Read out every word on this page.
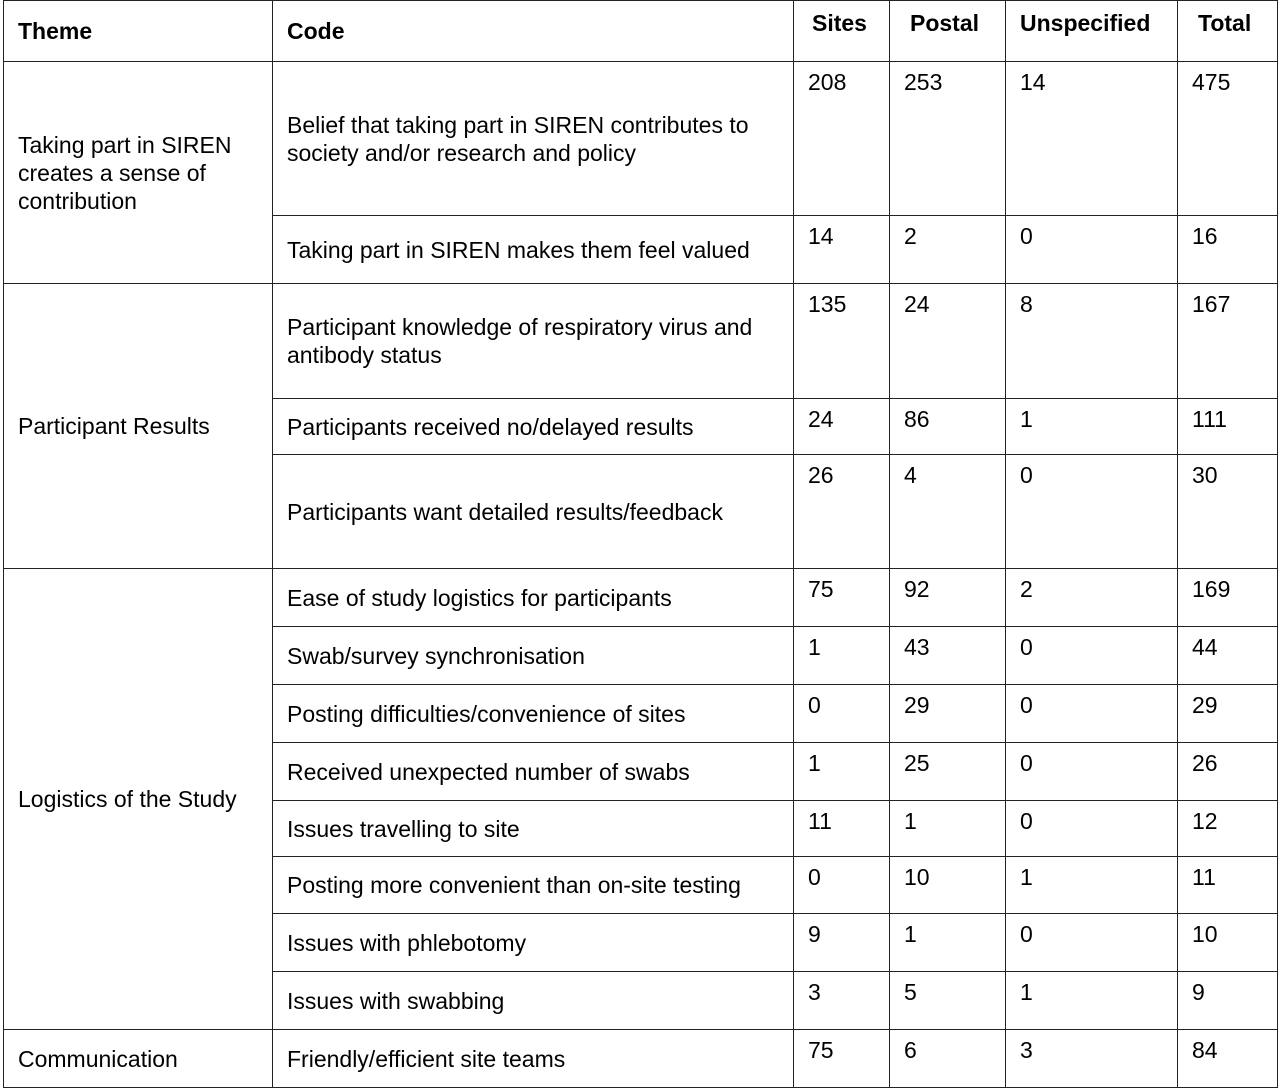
Theme	Code	Sites	Postal	Unspecified	Total
Taking part in SIREN creates a sense of contribution	Belief that taking part in SIREN contributes to society and/or research and policy	208	253	14	475
	Taking part in SIREN makes them feel valued	14	2	0	16
Participant Results	Participant knowledge of respiratory virus and antibody status	135	24	8	167
	Participants received no/delayed results	24	86	1	111
	Participants want detailed results/feedback	26	4	0	30
Logistics of the Study	Ease of study logistics for participants	75	92	2	169
	Swab/survey synchronisation	1	43	0	44
	Posting difficulties/convenience of sites	0	29	0	29
	Received unexpected number of swabs	1	25	0	26
	Issues travelling to site	11	1	0	12
	Posting more convenient than on-site testing	0	10	1	11
	Issues with phlebotomy	9	1	0	10
	Issues with swabbing	3	5	1	9
Communication	Friendly/efficient site teams	75	6	3	84
